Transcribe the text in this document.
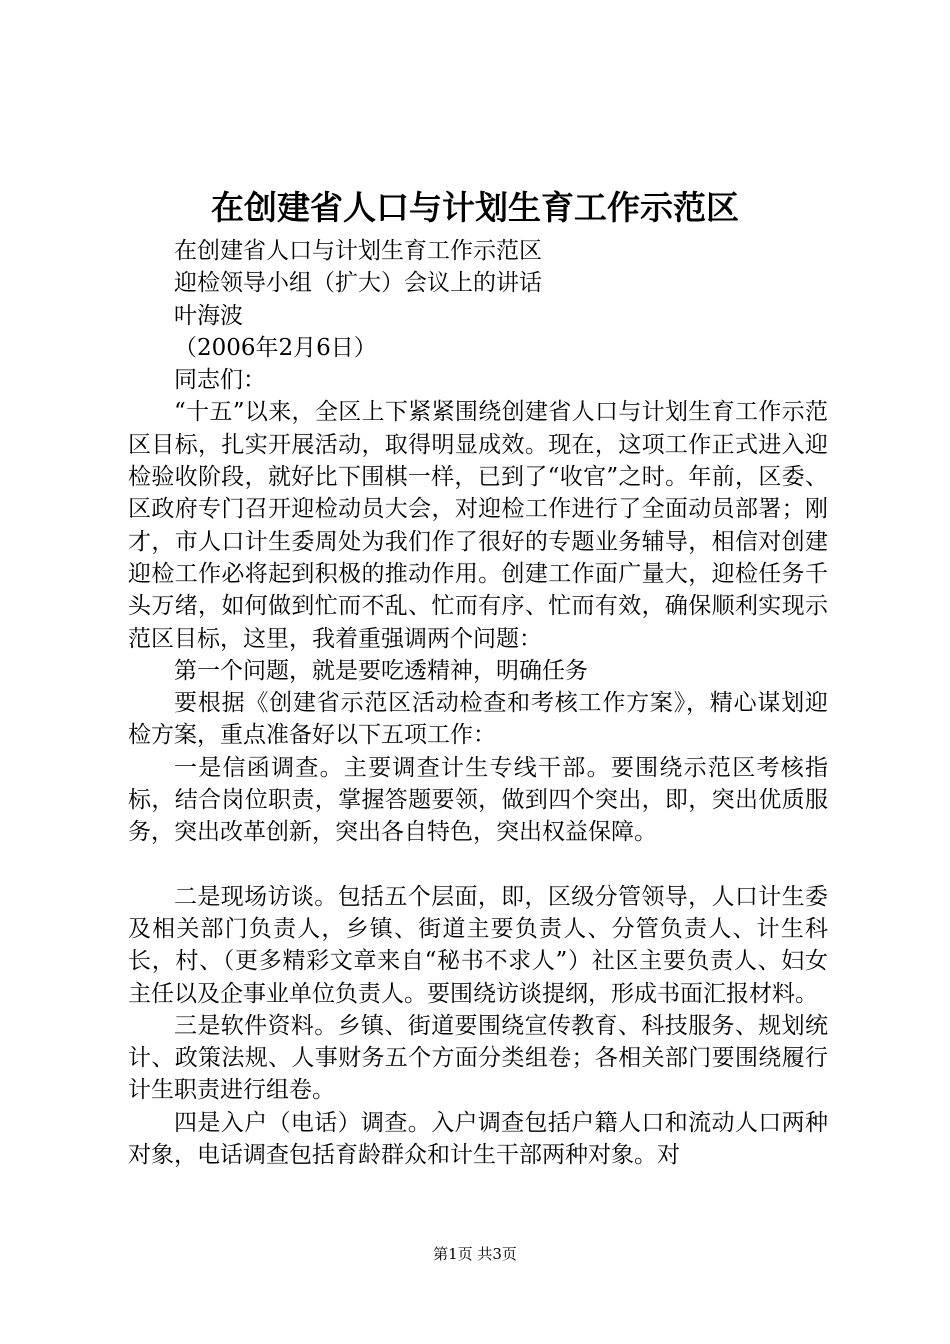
在创建省人口与计划生育工作示范区

在创建省人口与计划生育工作示范区

迎检领导小组（扩大）会议上的讲话

叶海波

（2006年2月6日）

同志们：

“十五”以来，全区上下紧紧围绕创建省人口与计划生育工作示范区目标，扎实开展活动，取得明显成效。现在，这项工作正式进入迎检验收阶段，就好比下围棋一样，已到了“收官”之时。年前，区委、区政府专门召开迎检动员大会，对迎检工作进行了全面动员部署；刚才，市人口计生委周处为我们作了很好的专题业务辅导，相信对创建迎检工作必将起到积极的推动作用。创建工作面广量大，迎检任务千头万绪，如何做到忙而不乱、忙而有序、忙而有效，确保顺利实现示范区目标，这里，我着重强调两个问题：

第一个问题，就是要吃透精神，明确任务

要根据《创建省示范区活动检查和考核工作方案》，精心谋划迎检方案，重点准备好以下五项工作：

一是信函调查。主要调查计生专线干部。要围绕示范区考核指标，结合岗位职责，掌握答题要领，做到四个突出，即，突出优质服务，突出改革创新，突出各自特色，突出权益保障。

二是现场访谈。包括五个层面，即，区级分管领导，人口计生委及相关部门负责人，乡镇、街道主要负责人、分管负责人、计生科长，村、（更多精彩文章来自“秘书不求人”）社区主要负责人、妇女主任以及企事业单位负责人。要围绕访谈提纲，形成书面汇报材料。

三是软件资料。乡镇、街道要围绕宣传教育、科技服务、规划统计、政策法规、人事财务五个方面分类组卷；各相关部门要围绕履行计生职责进行组卷。

四是入户（电话）调查。入户调查包括户籍人口和流动人口两种对象，电话调查包括育龄群众和计生干部两种对象。对

第1页 共3页
